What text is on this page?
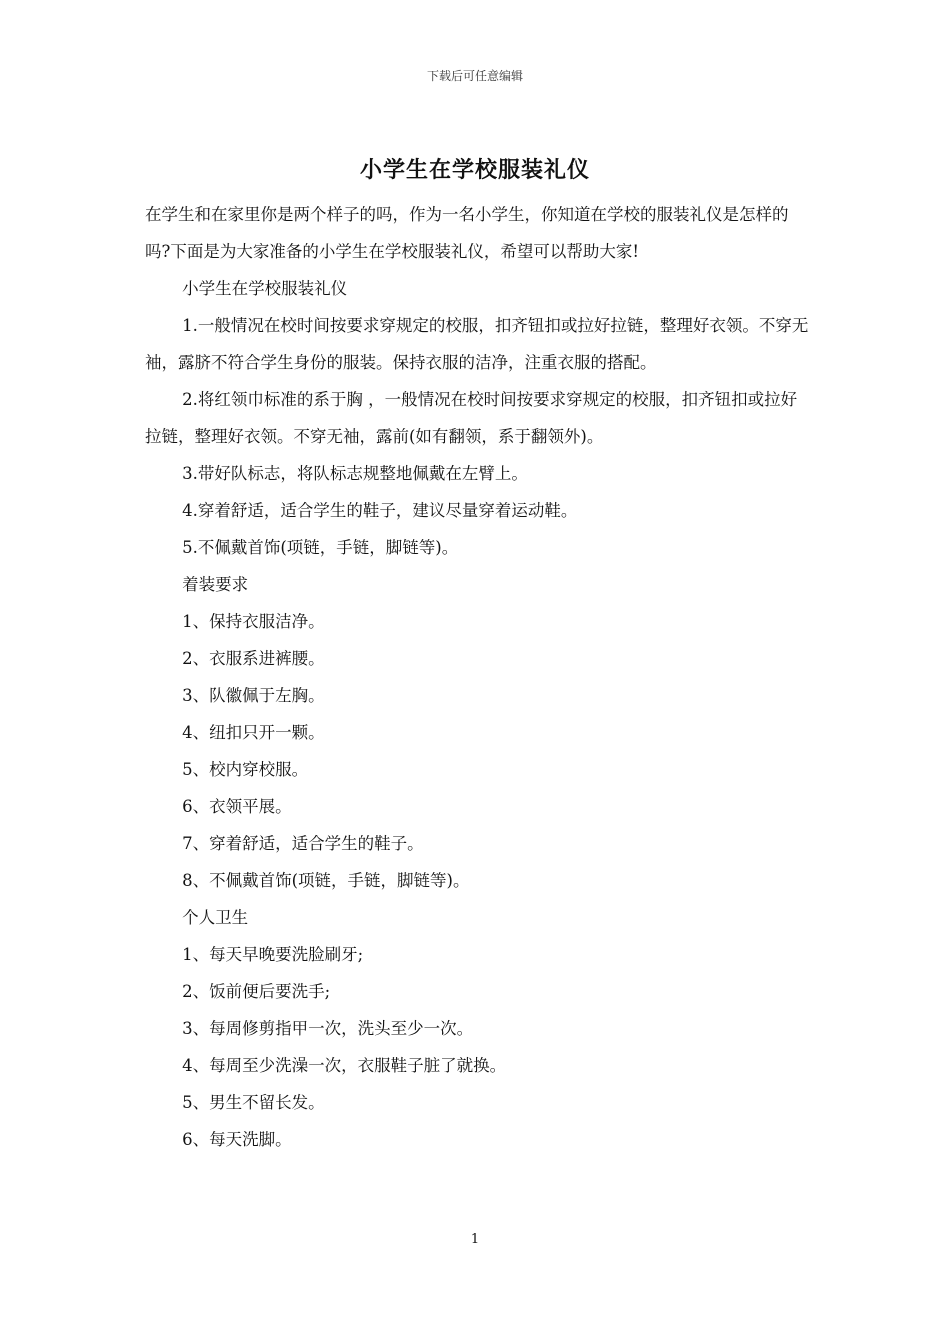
下载后可任意编辑
小学生在学校服装礼仪

在学生和在家里你是两个样子的吗，作为一名小学生，你知道在学校的服装礼仪是怎样的吗?下面是为大家准备的小学生在学校服装礼仪，希望可以帮助大家!

小学生在学校服装礼仪

1.一般情况在校时间按要求穿规定的校服，扣齐钮扣或拉好拉链，整理好衣领。不穿无袖，露脐不符合学生身份的服装。保持衣服的洁净，注重衣服的搭配。

2.将红领巾标准的系于胸 ，一般情况在校时间按要求穿规定的校服，扣齐钮扣或拉好拉链，整理好衣领。不穿无袖，露前(如有翻领，系于翻领外)。

3.带好队标志，将队标志规整地佩戴在左臂上。

4.穿着舒适，适合学生的鞋子，建议尽量穿着运动鞋。

5.不佩戴首饰(项链，手链，脚链等)。

着装要求

1、保持衣服洁净。

2、衣服系进裤腰。

3、队徽佩于左胸。

4、纽扣只开一颗。

5、校内穿校服。

6、衣领平展。

7、穿着舒适，适合学生的鞋子。

8、不佩戴首饰(项链，手链，脚链等)。

个人卫生

1、每天早晚要洗脸刷牙;

2、饭前便后要洗手;

3、每周修剪指甲一次，洗头至少一次。

4、每周至少洗澡一次，衣服鞋子脏了就换。

5、男生不留长发。

6、每天洗脚。

1
